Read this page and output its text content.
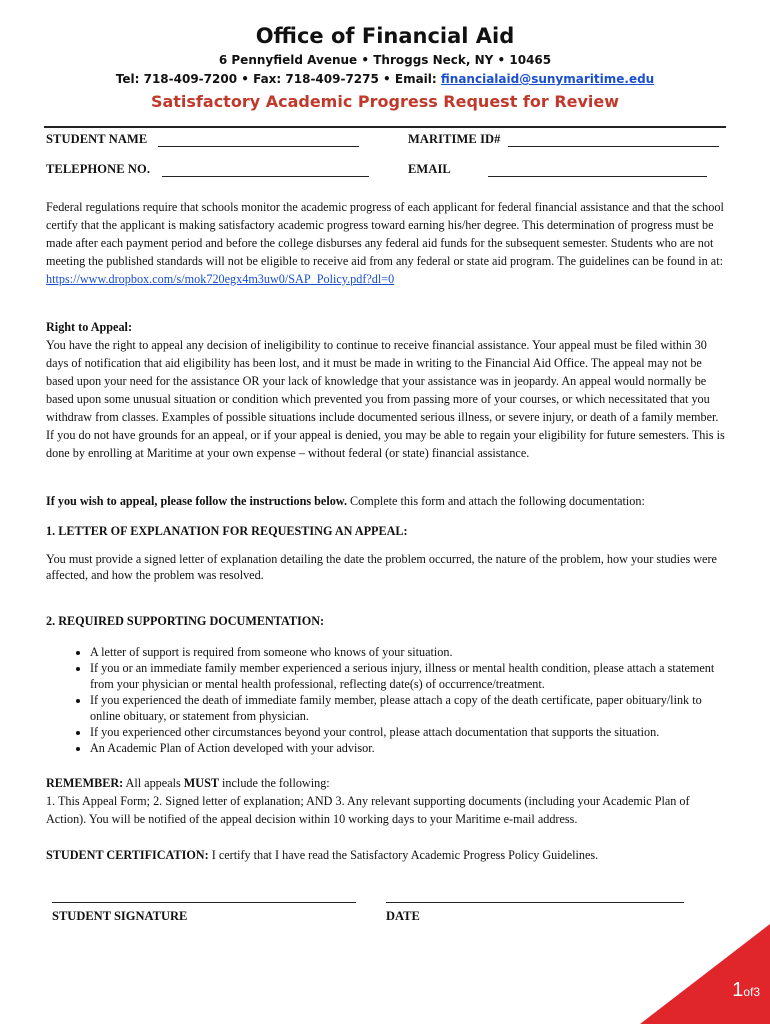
Office of Financial Aid
6 Pennyfield Avenue • Throggs Neck, NY • 10465
Tel: 718-409-7200 • Fax: 718-409-7275 • Email: financialaid@sunymaritime.edu
Satisfactory Academic Progress Request for Review
STUDENT NAME	MARITIME ID#
TELEPHONE NO.	EMAIL

Federal regulations require that schools monitor the academic progress of each applicant for federal financial assistance and that the school certify that the applicant is making satisfactory academic progress toward earning his/her degree. This determination of progress must be made after each payment period and before the college disburses any federal aid funds for the subsequent semester. Students who are not meeting the published standards will not be eligible to receive aid from any federal or state aid program. The guidelines can be found in at:

https://www.dropbox.com/s/mok720egx4m3uw0/SAP_Policy.pdf?dl=0

Right to Appeal:

You have the right to appeal any decision of ineligibility to continue to receive financial assistance. Your appeal must be filed within 30 days of notification that aid eligibility has been lost, and it must be made in writing to the Financial Aid Office. The appeal may not be based upon your need for the assistance OR your lack of knowledge that your assistance was in jeopardy. An appeal would normally be based upon some unusual situation or condition which prevented you from passing more of your courses, or which necessitated that you withdraw from classes. Examples of possible situations include documented serious illness, or severe injury, or death of a family member. If you do not have grounds for an appeal, or if your appeal is denied, you may be able to regain your eligibility for future semesters. This is done by enrolling at Maritime at your own expense – without federal (or state) financial assistance.

If you wish to appeal, please follow the instructions below. Complete this form and attach the following documentation:

1. LETTER OF EXPLANATION FOR REQUESTING AN APPEAL:

You must provide a signed letter of explanation detailing the date the problem occurred, the nature of the problem, how your studies were affected, and how the problem was resolved.

2. REQUIRED SUPPORTING DOCUMENTATION:

• A letter of support is required from someone who knows of your situation.
• If you or an immediate family member experienced a serious injury, illness or mental health condition, please attach a statement from your physician or mental health professional, reflecting date(s) of occurrence/treatment.
• If you experienced the death of immediate family member, please attach a copy of the death certificate, paper obituary/link to online obituary, or statement from physician.
• If you experienced other circumstances beyond your control, please attach documentation that supports the situation.
• An Academic Plan of Action developed with your advisor.

REMEMBER: All appeals MUST include the following:

1. This Appeal Form; 2. Signed letter of explanation; AND 3. Any relevant supporting documents (including your Academic Plan of Action). You will be notified of the appeal decision within 10 working days to your Maritime e-mail address.

STUDENT CERTIFICATION: I certify that I have read the Satisfactory Academic Progress Policy Guidelines.

STUDENT SIGNATURE	DATE
1of3
